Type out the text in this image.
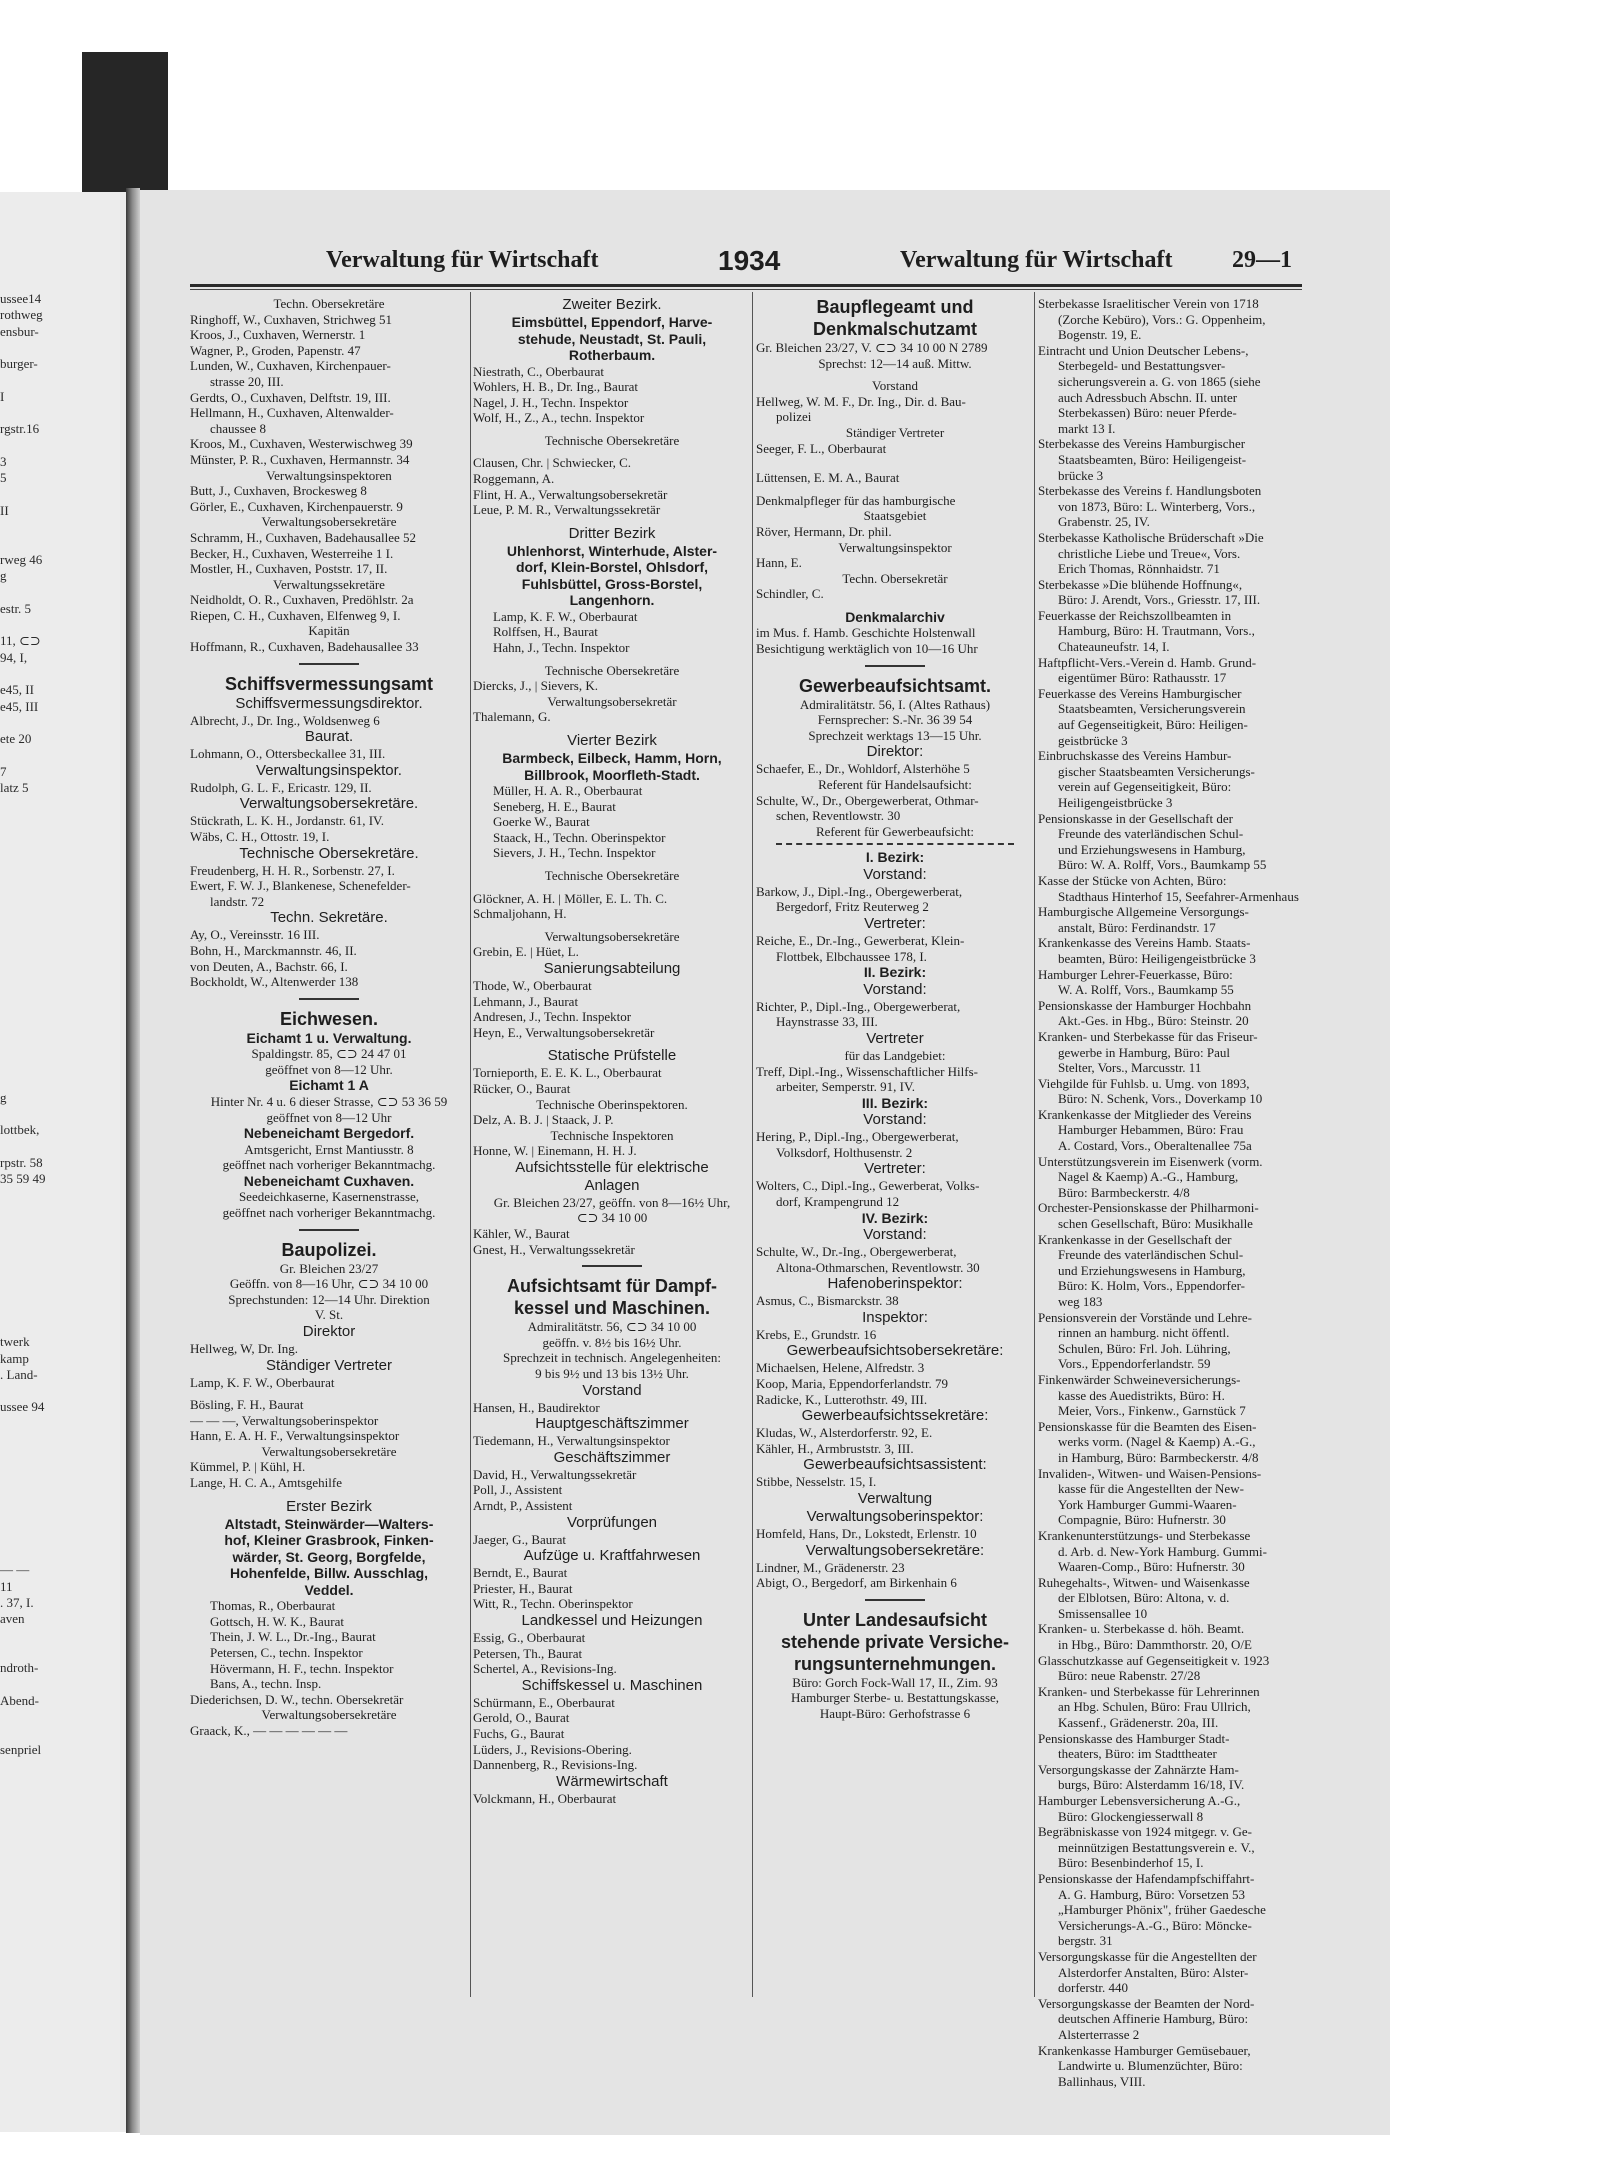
ussee14
rothweg
ensbur-
burger-
I
rgstr.16
3
5
II
rweg 46
g
estr. 5
11, ⊂⊃
94, I,
e45, II
e45, III
ete 20
7
latz 5
g
lottbek,
rpstr. 58
35 59 49
twerk
kamp
. Land-
ussee 94
— —
11
. 37, I.
aven
ndroth-
Abend-
senpriel
Verwaltung für Wirtschaft	1934	Verwaltung für Wirtschaft 29—1
Techn. Obersekretäre
Ringhoff, W., Cuxhaven, Strichweg 51
Kroos, J., Cuxhaven, Wernerstr. 1
Wagner, P., Groden, Papenstr. 47
Lunden, W., Cuxhaven, Kirchenpauer-
strasse 20, III.
Gerdts, O., Cuxhaven, Delftstr. 19, III.
Hellmann, H., Cuxhaven, Altenwalder-
chaussee 8
Kroos, M., Cuxhaven, Westerwischweg 39
Münster, P. R., Cuxhaven, Hermannstr. 34
Verwaltungsinspektoren
Butt, J., Cuxhaven, Brockesweg 8
Görler, E., Cuxhaven, Kirchenpauerstr. 9
Verwaltungsobersekretäre
Schramm, H., Cuxhaven, Badehausallee 52
Becker, H., Cuxhaven, Westerreihe 1 I.
Mostler, H., Cuxhaven, Poststr. 17, II.
Verwaltungssekretäre
Neidholdt, O. R., Cuxhaven, Predöhlstr. 2a
Riepen, C. H., Cuxhaven, Elfenweg 9, I.
Kapitän
Hoffmann, R., Cuxhaven, Badehausallee 33
Schiffsvermessungsamt
Schiffsvermessungsdirektor.
Albrecht, J., Dr. Ing., Woldsenweg 6
Baurat.
Lohmann, O., Ottersbeckallee 31, III.
Verwaltungsinspektor.
Rudolph, G. L. F., Ericastr. 129, II.
Verwaltungsobersekretäre.
Stückrath, L. K. H., Jordanstr. 61, IV.
Wäbs, C. H., Ottostr. 19, I.
Technische Obersekretäre.
Freudenberg, H. H. R., Sorbenstr. 27, I.
Ewert, F. W. J., Blankenese, Schenefelder-
landstr. 72
Techn. Sekretäre.
Ay, O., Vereinsstr. 16 III.
Bohn, H., Marckmannstr. 46, II.
von Deuten, A., Bachstr. 66, I.
Bockholdt, W., Altenwerder 138
Eichwesen.
Eichamt 1 u. Verwaltung.
Spaldingstr. 85, ⊂⊃ 24 47 01
geöffnet von 8—12 Uhr.
Eichamt 1 A
Hinter Nr. 4 u. 6 dieser Strasse, ⊂⊃ 53 36 59
geöffnet von 8—12 Uhr
Nebeneichamt Bergedorf.
Amtsgericht, Ernst Mantiusstr. 8
geöffnet nach vorheriger Bekanntmachg.
Nebeneichamt Cuxhaven.
Seedeichkaserne, Kasernenstrasse,
geöffnet nach vorheriger Bekanntmachg.
Baupolizei.
Gr. Bleichen 23/27
Geöffn. von 8—16 Uhr, ⊂⊃ 34 10 00
Sprechstunden: 12—14 Uhr. Direktion
V. St.
Direktor
Hellweg, W, Dr. Ing.
Ständiger Vertreter
Lamp, K. F. W., Oberbaurat
Bösling, F. H., Baurat
— — —, Verwaltungsoberinspektor
Hann, E. A. H. F., Verwaltungsinspektor
Verwaltungsobersekretäre
Kümmel, P. | Kühl, H.
Lange, H. C. A., Amtsgehilfe
Erster Bezirk
Altstadt, Steinwärder—Walters-
hof, Kleiner Grasbrook, Finken-
wärder, St. Georg, Borgfelde,
Hohenfelde, Billw. Ausschlag,
Veddel.
Thomas, R., Oberbaurat
Gottsch, H. W. K., Baurat
Thein, J. W. L., Dr.-Ing., Baurat
Petersen, C., techn. Inspektor
Hövermann, H. F., techn. Inspektor
Bans, A., techn. Insp.
Diederichsen, D. W., techn. Obersekretär
Verwaltungsobersekretäre
Graack, K., — — — — — —
Zweiter Bezirk.
Eimsbüttel, Eppendorf, Harve-
stehude, Neustadt, St. Pauli,
Rotherbaum.
Niestrath, C., Oberbaurat
Wohlers, H. B., Dr. Ing., Baurat
Nagel, J. H., Techn. Inspektor
Wolf, H., Z., A., techn. Inspektor
Technische Obersekretäre
Clausen, Chr. | Schwiecker, C.
Roggemann, A.
Flint, H. A., Verwaltungsobersekretär
Leue, P. M. R., Verwaltungssekretär
Dritter Bezirk
Uhlenhorst, Winterhude, Alster-
dorf, Klein-Borstel, Ohlsdorf,
Fuhlsbüttel, Gross-Borstel,
Langenhorn.
Lamp, K. F. W., Oberbaurat
Rolffsen, H., Baurat
Hahn, J., Techn. Inspektor
Technische Obersekretäre
Diercks, J., | Sievers, K.
Verwaltungsobersekretär
Thalemann, G.
Vierter Bezirk
Barmbeck, Eilbeck, Hamm, Horn,
Billbrook, Moorfleth-Stadt.
Müller, H. A. R., Oberbaurat
Seneberg, H. E., Baurat
Goerke W., Baurat
Staack, H., Techn. Oberinspektor
Sievers, J. H., Techn. Inspektor
Technische Obersekretäre
Glöckner, A. H. | Möller, E. L. Th. C.
Schmaljohann, H.
Verwaltungsobersekretäre
Grebin, E. | Hüet, L.
Sanierungsabteilung
Thode, W., Oberbaurat
Lehmann, J., Baurat
Andresen, J., Techn. Inspektor
Heyn, E., Verwaltungsobersekretär
Statische Prüfstelle
Tornieporth, E. E. K. L., Oberbaurat
Rücker, O., Baurat
Technische Oberinspektoren.
Delz, A. B. J. | Staack, J. P.
Technische Inspektoren
Honne, W. | Einemann, H. H. J.
Aufsichtsstelle für elektrische
Anlagen
Gr. Bleichen 23/27, geöffn. von 8—16½ Uhr,
⊂⊃ 34 10 00
Kähler, W., Baurat
Gnest, H., Verwaltungssekretär
Aufsichtsamt für Dampf-
kessel und Maschinen.
Admiralitätstr. 56, ⊂⊃ 34 10 00
geöffn. v. 8½ bis 16½ Uhr.
Sprechzeit in technisch. Angelegenheiten:
9 bis 9½ und 13 bis 13½ Uhr.
Vorstand
Hansen, H., Baudirektor
Hauptgeschäftszimmer
Tiedemann, H., Verwaltungsinspektor
Geschäftszimmer
David, H., Verwaltungssekretär
Poll, J., Assistent
Arndt, P., Assistent
Vorprüfungen
Jaeger, G., Baurat
Aufzüge u. Kraftfahrwesen
Berndt, E., Baurat
Priester, H., Baurat
Witt, R., Techn. Oberinspektor
Landkessel und Heizungen
Essig, G., Oberbaurat
Petersen, Th., Baurat
Schertel, A., Revisions-Ing.
Schiffskessel u. Maschinen
Schürmann, E., Oberbaurat
Gerold, O., Baurat
Fuchs, G., Baurat
Lüders, J., Revisions-Obering.
Dannenberg, R., Revisions-Ing.
Wärmewirtschaft
Volckmann, H., Oberbaurat
Baupflegeamt und
Denkmalschutzamt
Gr. Bleichen 23/27, V. ⊂⊃ 34 10 00 N 2789
Sprechst: 12—14 auß. Mittw.
Vorstand
Hellweg, W. M. F., Dr. Ing., Dir. d. Bau-
polizei
Ständiger Vertreter
Seeger, F. L., Oberbaurat
Lüttensen, E. M. A., Baurat
Denkmalpfleger für das hamburgische
Staatsgebiet
Röver, Hermann, Dr. phil.
Verwaltungsinspektor
Hann, E.
Techn. Obersekretär
Schindler, C.
Denkmalarchiv
im Mus. f. Hamb. Geschichte Holstenwall
Besichtigung werktäglich von 10—16 Uhr
Gewerbeaufsichtsamt.
Admiralitätstr. 56, I. (Altes Rathaus)
Fernsprecher: S.-Nr. 36 39 54
Sprechzeit werktags 13—15 Uhr.
Direktor:
Schaefer, E., Dr., Wohldorf, Alsterhöhe 5
Referent für Handelsaufsicht:
Schulte, W., Dr., Obergewerberat, Othmar-
schen, Reventlowstr. 30
Referent für Gewerbeaufsicht:
I. Bezirk:
Vorstand:
Barkow, J., Dipl.-Ing., Obergewerberat,
Bergedorf, Fritz Reuterweg 2
Vertreter:
Reiche, E., Dr.-Ing., Gewerberat, Klein-
Flottbek, Elbchaussee 178, I.
II. Bezirk:
Vorstand:
Richter, P., Dipl.-Ing., Obergewerberat,
Haynstrasse 33, III.
Vertreter
für das Landgebiet:
Treff, Dipl.-Ing., Wissenschaftlicher Hilfs-
arbeiter, Semperstr. 91, IV.
III. Bezirk:
Vorstand:
Hering, P., Dipl.-Ing., Obergewerberat,
Volksdorf, Holthusenstr. 2
Vertreter:
Wolters, C., Dipl.-Ing., Gewerberat, Volks-
dorf, Krampengrund 12
IV. Bezirk:
Vorstand:
Schulte, W., Dr.-Ing., Obergewerberat,
Altona-Othmarschen, Reventlowstr. 30
Hafenoberinspektor:
Asmus, C., Bismarckstr. 38
Inspektor:
Krebs, E., Grundstr. 16
Gewerbeaufsichtsobersekretäre:
Michaelsen, Helene, Alfredstr. 3
Koop, Maria, Eppendorferlandstr. 79
Radicke, K., Lutterothstr. 49, III.
Gewerbeaufsichtssekretäre:
Kludas, W., Alsterdorferstr. 92, E.
Kähler, H., Armbruststr. 3, III.
Gewerbeaufsichtsassistent:
Stibbe, Nesselstr. 15, I.
Verwaltung
Verwaltungsoberinspektor:
Homfeld, Hans, Dr., Lokstedt, Erlenstr. 10
Verwaltungsobersekretäre:
Lindner, M., Grädenerstr. 23
Abigt, O., Bergedorf, am Birkenhain 6
Unter Landesaufsicht
stehende private Versiche-
rungsunternehmungen.
Büro: Gorch Fock-Wall 17, II., Zim. 93
Hamburger Sterbe- u. Bestattungskasse,
Haupt-Büro: Gerhofstrasse 6
Sterbekasse Israelitischer Verein von 1718
(Zorche Kebüro), Vors.: G. Oppenheim,
Bogenstr. 19, E.
Eintracht und Union Deutscher Lebens-,
Sterbegeld- und Bestattungsver-
sicherungsverein a. G. von 1865 (siehe
auch Adressbuch Abschn. II. unter
Sterbekassen) Büro: neuer Pferde-
markt 13 I.
Sterbekasse des Vereins Hamburgischer
Staatsbeamten, Büro: Heiligengeist-
brücke 3
Sterbekasse des Vereins f. Handlungsboten
von 1873, Büro: L. Winterberg, Vors.,
Grabenstr. 25, IV.
Sterbekasse Katholische Brüderschaft »Die
christliche Liebe und Treue«, Vors.
Erich Thomas, Rönnhaidstr. 71
Sterbekasse »Die blühende Hoffnung«,
Büro: J. Arendt, Vors., Griesstr. 17, III.
Feuerkasse der Reichszollbeamten in
Hamburg, Büro: H. Trautmann, Vors.,
Chateauneufstr. 14, I.
Haftpflicht-Vers.-Verein d. Hamb. Grund-
eigentümer Büro: Rathausstr. 17
Feuerkasse des Vereins Hamburgischer
Staatsbeamten, Versicherungsverein
auf Gegenseitigkeit, Büro: Heiligen-
geistbrücke 3
Einbruchskasse des Vereins Hambur-
gischer Staatsbeamten Versicherungs-
verein auf Gegenseitigkeit, Büro:
Heiligengeistbrücke 3
Pensionskasse in der Gesellschaft der
Freunde des vaterländischen Schul-
und Erziehungswesens in Hamburg,
Büro: W. A. Rolff, Vors., Baumkamp 55
Kasse der Stücke von Achten, Büro:
Stadthaus Hinterhof 15, Seefahrer-Armenhaus
Hamburgische Allgemeine Versorgungs-
anstalt, Büro: Ferdinandstr. 17
Krankenkasse des Vereins Hamb. Staats-
beamten, Büro: Heiligengeistbrücke 3
Hamburger Lehrer-Feuerkasse, Büro:
W. A. Rolff, Vors., Baumkamp 55
Pensionskasse der Hamburger Hochbahn
Akt.-Ges. in Hbg., Büro: Steinstr. 20
Kranken- und Sterbekasse für das Friseur-
gewerbe in Hamburg, Büro: Paul
Stelter, Vors., Marcusstr. 11
Viehgilde für Fuhlsb. u. Umg. von 1893,
Büro: N. Schenk, Vors., Doverkamp 10
Krankenkasse der Mitglieder des Vereins
Hamburger Hebammen, Büro: Frau
A. Costard, Vors., Oberaltenallee 75a
Unterstützungsverein im Eisenwerk (vorm.
Nagel & Kaemp) A.-G., Hamburg,
Büro: Barmbeckerstr. 4/8
Orchester-Pensionskasse der Philharmoni-
schen Gesellschaft, Büro: Musikhalle
Krankenkasse in der Gesellschaft der
Freunde des vaterländischen Schul-
und Erziehungswesens in Hamburg,
Büro: K. Holm, Vors., Eppendorfer-
weg 183
Pensionsverein der Vorstände und Lehre-
rinnen an hamburg. nicht öffentl.
Schulen, Büro: Frl. Joh. Lühring,
Vors., Eppendorferlandstr. 59
Finkenwärder Schweineversicherungs-
kasse des Auedistrikts, Büro: H.
Meier, Vors., Finkenw., Garnstück 7
Pensionskasse für die Beamten des Eisen-
werks vorm. (Nagel & Kaemp) A.-G.,
in Hamburg, Büro: Barmbeckerstr. 4/8
Invaliden-, Witwen- und Waisen-Pensions-
kasse für die Angestellten der New-
York Hamburger Gummi-Waaren-
Compagnie, Büro: Hufnerstr. 30
Krankenunterstützungs- und Sterbekasse
d. Arb. d. New-York Hamburg. Gummi-
Waaren-Comp., Büro: Hufnerstr. 30
Ruhegehalts-, Witwen- und Waisenkasse
der Elblotsen, Büro: Altona, v. d.
Smissensallee 10
Kranken- u. Sterbekasse d. höh. Beamt.
in Hbg., Büro: Dammthorstr. 20, O/E
Glasschutzkasse auf Gegenseitigkeit v. 1923
Büro: neue Rabenstr. 27/28
Kranken- und Sterbekasse für Lehrerinnen
an Hbg. Schulen, Büro: Frau Ullrich,
Kassenf., Grädenerstr. 20a, III.
Pensionskasse des Hamburger Stadt-
theaters, Büro: im Stadttheater
Versorgungskasse der Zahnärzte Ham-
burgs, Büro: Alsterdamm 16/18, IV.
Hamburger Lebensversicherung A.-G.,
Büro: Glockengiesserwall 8
Begräbniskasse von 1924 mitgegr. v. Ge-
meinnützigen Bestattungsverein e. V.,
Büro: Besenbinderhof 15, I.
Pensionskasse der Hafendampfschiffahrt-
A. G. Hamburg, Büro: Vorsetzen 53
„Hamburger Phönix", früher Gaedesche
Versicherungs-A.-G., Büro: Möncke-
bergstr. 31
Versorgungskasse für die Angestellten der
Alsterdorfer Anstalten, Büro: Alster-
dorferstr. 440
Versorgungskasse der Beamten der Nord-
deutschen Affinerie Hamburg, Büro:
Alsterterrasse 2
Krankenkasse Hamburger Gemüsebauer,
Landwirte u. Blumenzüchter, Büro:
Ballinhaus, VIII.
